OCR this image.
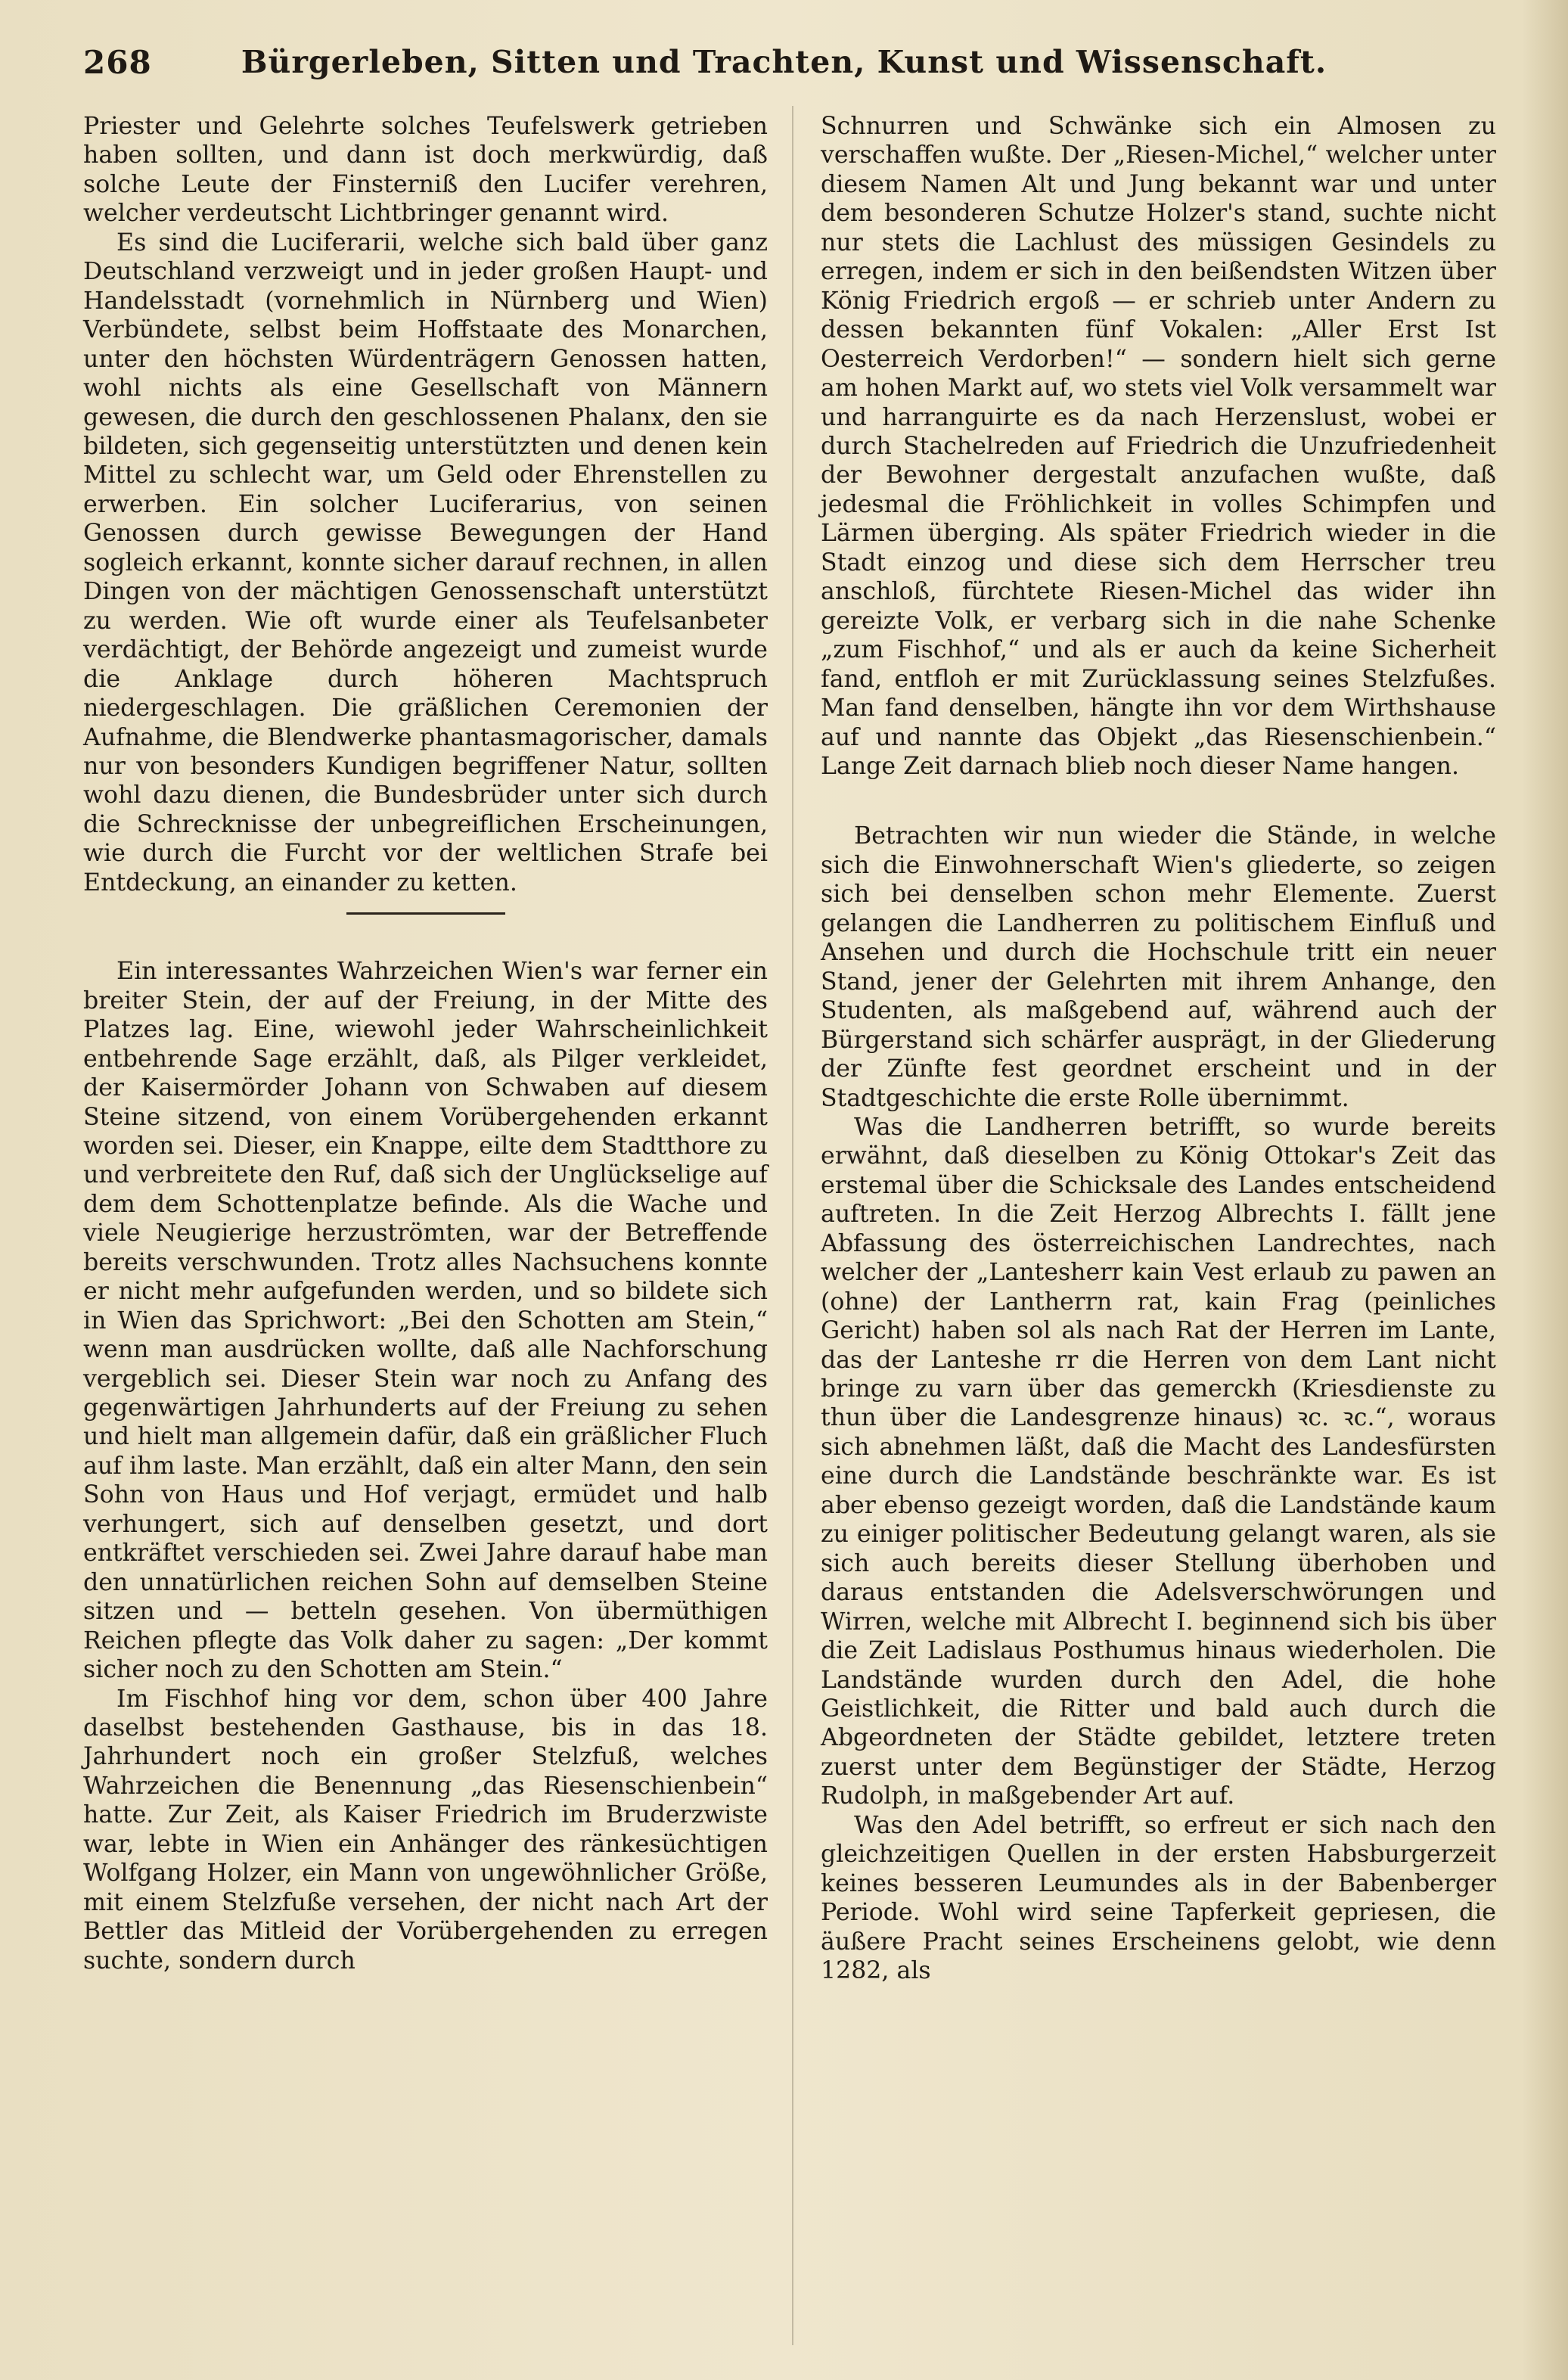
268	Bürgerleben, Sitten und Trachten, Kunst und Wissenschaft.

Priester und Gelehrte solches Teufelswerk getrieben haben sollten, und dann ist doch merkwürdig, daß solche Leute der Finsterniß den Lucifer verehren, welcher verdeutscht Lichtbringer genannt wird.

Es sind die Luciferarii, welche sich bald über ganz Deutschland verzweigt und in jeder großen Haupt- und Handelsstadt (vornehmlich in Nürnberg und Wien) Verbündete, selbst beim Hoffstaate des Monarchen, unter den höchsten Würdenträgern Genossen hatten, wohl nichts als eine Gesellschaft von Männern gewesen, die durch den geschlossenen Phalanx, den sie bildeten, sich gegenseitig unterstützten und denen kein Mittel zu schlecht war, um Geld oder Ehrenstellen zu erwerben. Ein solcher Luciferarius, von seinen Genossen durch gewisse Bewegungen der Hand sogleich erkannt, konnte sicher darauf rechnen, in allen Dingen von der mächtigen Genossenschaft unterstützt zu werden. Wie oft wurde einer als Teufelsanbeter verdächtigt, der Behörde angezeigt und zumeist wurde die Anklage durch höheren Machtspruch niedergeschlagen. Die gräßlichen Ceremonien der Aufnahme, die Blendwerke phantasmagorischer, damals nur von besonders Kundigen begriffener Natur, sollten wohl dazu dienen, die Bundesbrüder unter sich durch die Schrecknisse der unbegreiflichen Erscheinungen, wie durch die Furcht vor der weltlichen Strafe bei Entdeckung, an einander zu ketten.

Ein interessantes Wahrzeichen Wien's war ferner ein breiter Stein, der auf der Freiung, in der Mitte des Platzes lag. Eine, wiewohl jeder Wahrscheinlichkeit entbehrende Sage erzählt, daß, als Pilger verkleidet, der Kaisermörder Johann von Schwaben auf diesem Steine sitzend, von einem Vorübergehenden erkannt worden sei. Dieser, ein Knappe, eilte dem Stadtthore zu und verbreitete den Ruf, daß sich der Unglückselige auf dem dem Schottenplatze befinde. Als die Wache und viele Neugierige herzuströmten, war der Betreffende bereits verschwunden. Trotz alles Nachsuchens konnte er nicht mehr aufgefunden werden, und so bildete sich in Wien das Sprichwort: „Bei den Schotten am Stein,“ wenn man ausdrücken wollte, daß alle Nachforschung vergeblich sei. Dieser Stein war noch zu Anfang des gegenwärtigen Jahrhunderts auf der Freiung zu sehen und hielt man allgemein dafür, daß ein gräßlicher Fluch auf ihm laste. Man erzählt, daß ein alter Mann, den sein Sohn von Haus und Hof verjagt, ermüdet und halb verhungert, sich auf denselben gesetzt, und dort entkräftet verschieden sei. Zwei Jahre darauf habe man den unnatürlichen reichen Sohn auf demselben Steine sitzen und — betteln gesehen. Von übermüthigen Reichen pflegte das Volk daher zu sagen: „Der kommt sicher noch zu den Schotten am Stein.“

Im Fischhof hing vor dem, schon über 400 Jahre daselbst bestehenden Gasthause, bis in das 18. Jahrhundert noch ein großer Stelzfuß, welches Wahrzeichen die Benennung „das Riesenschienbein“ hatte. Zur Zeit, als Kaiser Friedrich im Bruderzwiste war, lebte in Wien ein Anhänger des ränkesüchtigen Wolfgang Holzer, ein Mann von ungewöhnlicher Größe, mit einem Stelzfuße versehen, der nicht nach Art der Bettler das Mitleid der Vorübergehenden zu erregen suchte, sondern durch

Schnurren und Schwänke sich ein Almosen zu verschaffen wußte. Der „Riesen-Michel,“ welcher unter diesem Namen Alt und Jung bekannt war und unter dem besonderen Schutze Holzer's stand, suchte nicht nur stets die Lachlust des müssigen Gesindels zu erregen, indem er sich in den beißendsten Witzen über König Friedrich ergoß — er schrieb unter Andern zu dessen bekannten fünf Vokalen: „Aller Erst Ist Oesterreich Verdorben!“ — sondern hielt sich gerne am hohen Markt auf, wo stets viel Volk versammelt war und harranguirte es da nach Herzenslust, wobei er durch Stachelreden auf Friedrich die Unzufriedenheit der Bewohner dergestalt anzufachen wußte, daß jedesmal die Fröhlichkeit in volles Schimpfen und Lärmen überging. Als später Friedrich wieder in die Stadt einzog und diese sich dem Herrscher treu anschloß, fürchtete Riesen-Michel das wider ihn gereizte Volk, er verbarg sich in die nahe Schenke „zum Fischhof,“ und als er auch da keine Sicherheit fand, entfloh er mit Zurücklassung seines Stelzfußes. Man fand denselben, hängte ihn vor dem Wirthshause auf und nannte das Objekt „das Riesenschienbein.“ Lange Zeit darnach blieb noch dieser Name hangen.

Betrachten wir nun wieder die Stände, in welche sich die Einwohnerschaft Wien's gliederte, so zeigen sich bei denselben schon mehr Elemente. Zuerst gelangen die Landherren zu politischem Einfluß und Ansehen und durch die Hochschule tritt ein neuer Stand, jener der Gelehrten mit ihrem Anhange, den Studenten, als maßgebend auf, während auch der Bürgerstand sich schärfer ausprägt, in der Gliederung der Zünfte fest geordnet erscheint und in der Stadtgeschichte die erste Rolle übernimmt.

Was die Landherren betrifft, so wurde bereits erwähnt, daß dieselben zu König Ottokar's Zeit das erstemal über die Schicksale des Landes entscheidend auftreten. In die Zeit Herzog Albrechts I. fällt jene Abfassung des österreichischen Landrechtes, nach welcher der „Lantesherr kain Vest erlaub zu pawen an (ohne) der Lantherrn rat, kain Frag (peinliches Gericht) haben sol als nach Rat der Herren im Lante, das der Lanteshe rr die Herren von dem Lant nicht bringe zu varn über das gemerckh (Kriesdienste zu thun über die Landesgrenze hinaus) ꝛc. ꝛc.“, woraus sich abnehmen läßt, daß die Macht des Landesfürsten eine durch die Landstände beschränkte war. Es ist aber ebenso gezeigt worden, daß die Landstände kaum zu einiger politischer Bedeutung gelangt waren, als sie sich auch bereits dieser Stellung überhoben und daraus entstanden die Adelsverschwörungen und Wirren, welche mit Albrecht I. beginnend sich bis über die Zeit Ladislaus Posthumus hinaus wiederholen. Die Landstände wurden durch den Adel, die hohe Geistlichkeit, die Ritter und bald auch durch die Abgeordneten der Städte gebildet, letztere treten zuerst unter dem Begünstiger der Städte, Herzog Rudolph, in maßgebender Art auf.

Was den Adel betrifft, so erfreut er sich nach den gleichzeitigen Quellen in der ersten Habsburgerzeit keines besseren Leumundes als in der Babenberger Periode. Wohl wird seine Tapferkeit gepriesen, die äußere Pracht seines Erscheinens gelobt, wie denn 1282, als
